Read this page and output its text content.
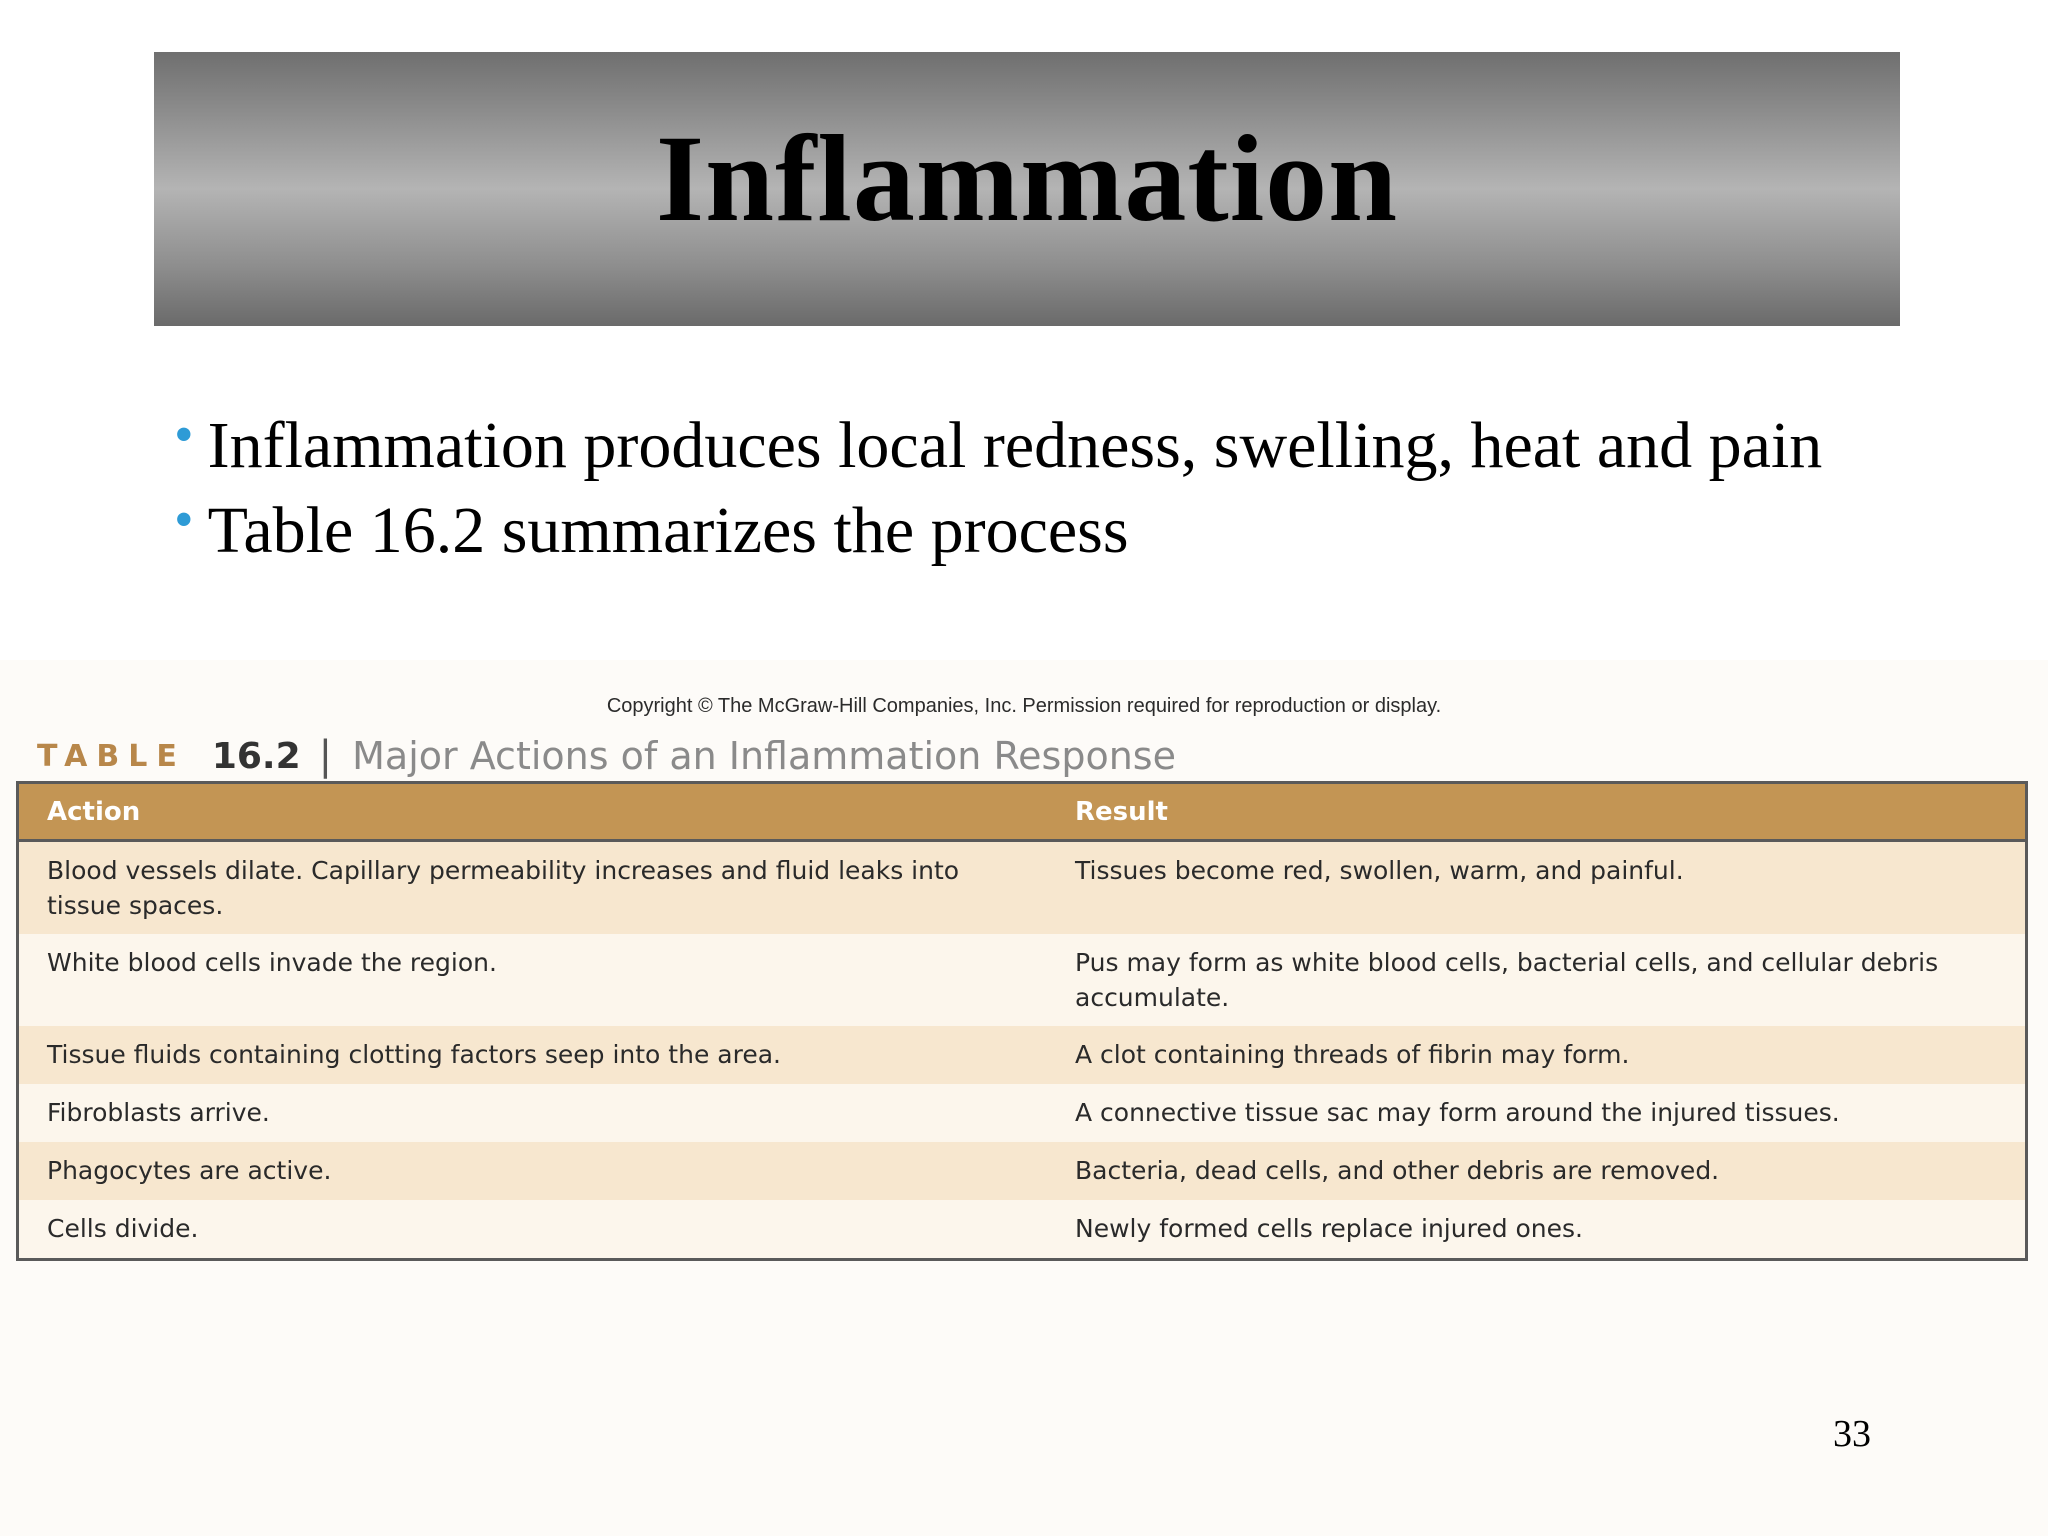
Inflammation

• Inflammation produces local redness, swelling, heat and pain

• Table 16.2 summarizes the process

Copyright © The McGraw-Hill Companies, Inc. Permission required for reproduction or display.
TABLE 16.2 | Major Actions of an Inflammation Response
Action	Result
Blood vessels dilate. Capillary permeability increases and fluid leaks into tissue spaces.	Tissues become red, swollen, warm, and painful.
White blood cells invade the region.	Pus may form as white blood cells, bacterial cells, and cellular debris accumulate.
Tissue fluids containing clotting factors seep into the area.	A clot containing threads of fibrin may form.
Fibroblasts arrive.	A connective tissue sac may form around the injured tissues.
Phagocytes are active.	Bacteria, dead cells, and other debris are removed.
Cells divide.	Newly formed cells replace injured ones.
33
